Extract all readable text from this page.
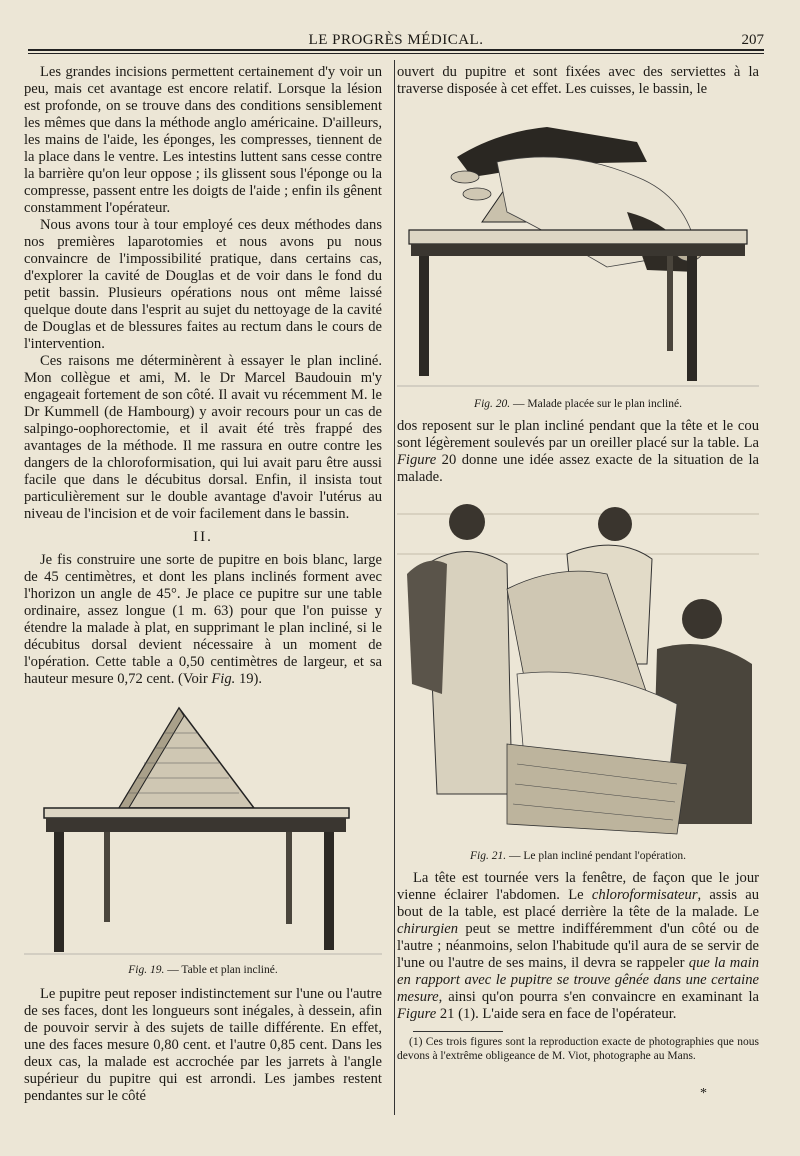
LE PROGRÈS MÉDICAL.	207

Les grandes incisions permettent certainement d'y voir un peu, mais cet avantage est encore relatif. Lorsque la lésion est profonde, on se trouve dans des conditions sensiblement les mêmes que dans la méthode anglo américaine. D'ailleurs, les mains de l'aide, les éponges, les compresses, tiennent de la place dans le ventre. Les intestins luttent sans cesse contre la barrière qu'on leur oppose ; ils glissent sous l'éponge ou la compresse, passent entre les doigts de l'aide ; enfin ils gênent constamment l'opérateur.

Nous avons tour à tour employé ces deux méthodes dans nos premières laparotomies et nous avons pu nous convaincre de l'impossibilité pratique, dans certains cas, d'explorer la cavité de Douglas et de voir dans le fond du petit bassin. Plusieurs opérations nous ont même laissé quelque doute dans l'esprit au sujet du nettoyage de la cavité de Douglas et de blessures faites au rectum dans le cours de l'intervention.

Ces raisons me déterminèrent à essayer le plan incliné. Mon collègue et ami, M. le Dr Marcel Baudouin m'y engageait fortement de son côté. Il avait vu récemment M. le Dr Kummell (de Hambourg) y avoir recours pour un cas de salpingo-oophorectomie, et il avait été très frappé des avantages de la méthode. Il me rassura en outre contre les dangers de la chloroformisation, qui lui avait paru être aussi facile que dans le décubitus dorsal. Enfin, il insista tout particulièrement sur le double avantage d'avoir l'utérus au niveau de l'incision et de voir facilement dans le bassin.

II.

Je fis construire une sorte de pupitre en bois blanc, large de 45 centimètres, et dont les plans inclinés forment avec l'horizon un angle de 45°. Je place ce pupitre sur une table ordinaire, assez longue (1 m. 63) pour que l'on puisse y étendre la malade à plat, en supprimant le plan incliné, si le décubitus dorsal devient nécessaire à un moment de l'opération. Cette table a 0,50 centimètres de largeur, et sa hauteur mesure 0,72 cent. (Voir Fig. 19).

Fig. 19. — Table et plan incliné.

Le pupitre peut reposer indistinctement sur l'une ou l'autre de ses faces, dont les longueurs sont inégales, à dessein, afin de pouvoir servir à des sujets de taille différente. En effet, une des faces mesure 0,80 cent. et l'autre 0,85 cent. Dans les deux cas, la malade est accrochée par les jarrets à l'angle supérieur du pupitre qui est arrondi. Les jambes restent pendantes sur le côté

ouvert du pupitre et sont fixées avec des serviettes à la traverse disposée à cet effet. Les cuisses, le bassin, le

Fig. 20. — Malade placée sur le plan incliné.

dos reposent sur le plan incliné pendant que la tête et le cou sont légèrement soulevés par un oreiller placé sur la table. La Figure 20 donne une idée assez exacte de la situation de la malade.

Fig. 21. — Le plan incliné pendant l'opération.

La tête est tournée vers la fenêtre, de façon que le jour vienne éclairer l'abdomen. Le chloroformisateur, assis au bout de la table, est placé derrière la tête de la malade. Le chirurgien peut se mettre indifféremment d'un côté ou de l'autre ; néanmoins, selon l'habitude qu'il aura de se servir de l'une ou l'autre de ses mains, il devra se rappeler que la main en rapport avec le pupitre se trouve gênée dans une certaine mesure, ainsi qu'on pourra s'en convaincre en examinant la Figure 21 (1). L'aide sera en face de l'opérateur.

(1) Ces trois figures sont la reproduction exacte de photographies que nous devons à l'extrême obligeance de M. Viot, photographe au Mans.

*
